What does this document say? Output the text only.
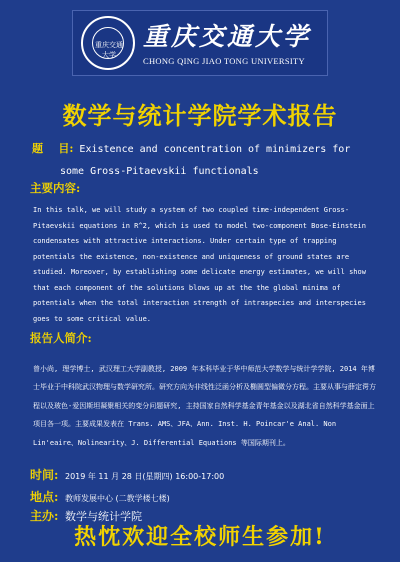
重庆交通大学
重庆交通大学
CHONG QING JIAO TONG UNIVERSITY
数学与统计学院学术报告
题    目: Existence and concentration of minimizers for
some Gross-Pitaevskii functionals
主要内容:
In this talk, we will study a system of two coupled time-independent Gross-Pitaevskii equations in R^2, which is used to model two-component Bose-Einstein condensates with attractive interactions. Under certain type of trapping potentials the existence, non-existence and uniqueness of ground states are studied. Moreover, by establishing some delicate energy estimates, we will show that each component of the solutions blows up at the the global minima of potentials when the total interaction strength of intraspecies and interspecies goes to some critical value.
报告人简介:
曾小尚, 理学博士, 武汉理工大学副教授, 2009 年本科毕业于华中师范大学数学与统计学学院, 2014 年博士毕业于中科院武汉物理与数学研究所。研究方向为非线性泛函分析及椭圆型偏微分方程。主要从事与薛定谔方程以及玻色-爱因斯坦凝聚相关的变分问题研究, 主持国家自然科学基金青年基金以及湖北省自然科学基金面上项目各一项。主要成果发表在 Trans. AMS、JFA、Ann. Inst. H. Poincar'e Anal. Non Lin'eaire、Nolinearity、J. Differential Equations 等国际期刊上。
时间: 2019 年 11 月 28 日(星期四) 16:00-17:00
地点: 教师发展中心 (二教学楼七楼)
主办: 数学与统计学院
热忱欢迎全校师生参加!
